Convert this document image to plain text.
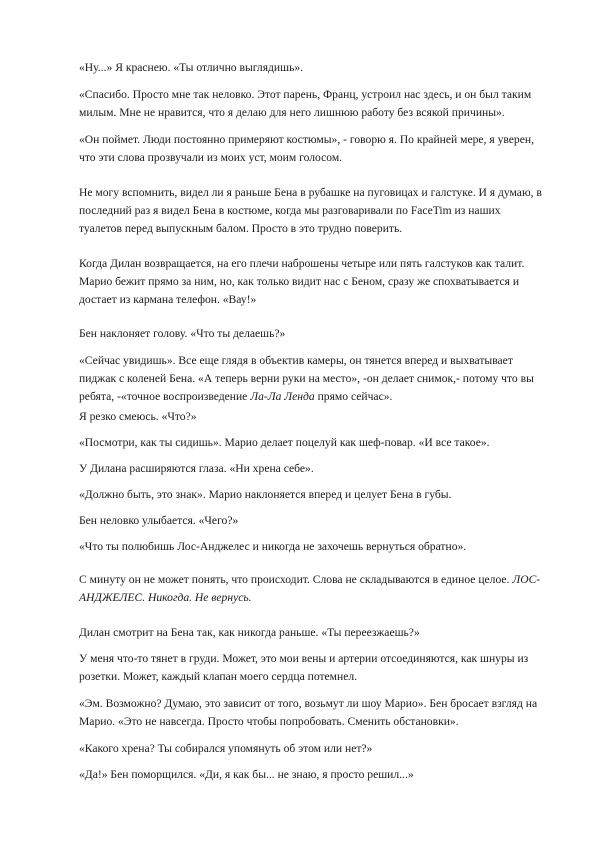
«Ну...» Я краснею. «Ты отлично выглядишь».

«Спасибо. Просто мне так неловко. Этот парень, Франц, устроил нас здесь, и он был таким
милым. Мне не нравится, что я делаю для него лишнюю работу без всякой причины».

«Он поймет. Люди постоянно примеряют костюмы», - говорю я. По крайней мере, я уверен,
что эти слова прозвучали из моих уст, моим голосом.

Не могу вспомнить, видел ли я раньше Бена в рубашке на пуговицах и галстуке. И я думаю, в
последний раз я видел Бена в костюме, когда мы разговаривали по FaceTim из наших
туалетов перед выпускным балом. Просто в это трудно поверить.

Когда Дилан возвращается, на его плечи наброшены четыре или пять галстуков как талит.
Марио бежит прямо за ним, но, как только видит нас с Беном, сразу же спохватывается и
достает из кармана телефон. «Вау!»

Бен наклоняет голову. «Что ты делаешь?»

«Сейчас увидишь». Все еще глядя в объектив камеры, он тянется вперед и выхватывает
пиджак с коленей Бена. «А теперь верни руки на место», -он делает снимок,- потому что вы
ребята, -«точное воспроизведение Ла-Ла Ленда прямо сейчас».

Я резко смеюсь. «Что?»

«Посмотри, как ты сидишь». Марио делает поцелуй как шеф-повар. «И все такое».

У Дилана расширяются глаза. «Ни хрена себе».

«Должно быть, это знак». Марио наклоняется вперед и целует Бена в губы.

Бен неловко улыбается. «Чего?»

«Что ты полюбишь Лос-Анджелес и никогда не захочешь вернуться обратно».

С минуту он не может понять, что происходит. Слова не складываются в единое целое. ЛОС-
АНДЖЕЛЕС. Никогда. Не вернусь.

Дилан смотрит на Бена так, как никогда раньше. «Ты переезжаешь?»

У меня что-то тянет в груди. Может, это мои вены и артерии отсоединяются, как шнуры из
розетки. Может, каждый клапан моего сердца потемнел.

«Эм. Возможно? Думаю, это зависит от того, возьмут ли шоу Марио». Бен бросает взгляд на
Марио. «Это не навсегда. Просто чтобы попробовать. Сменить обстановки».

«Какого хрена? Ты собирался упомянуть об этом или нет?»

«Да!» Бен поморщился. «Ди, я как бы... не знаю, я просто решил...»
